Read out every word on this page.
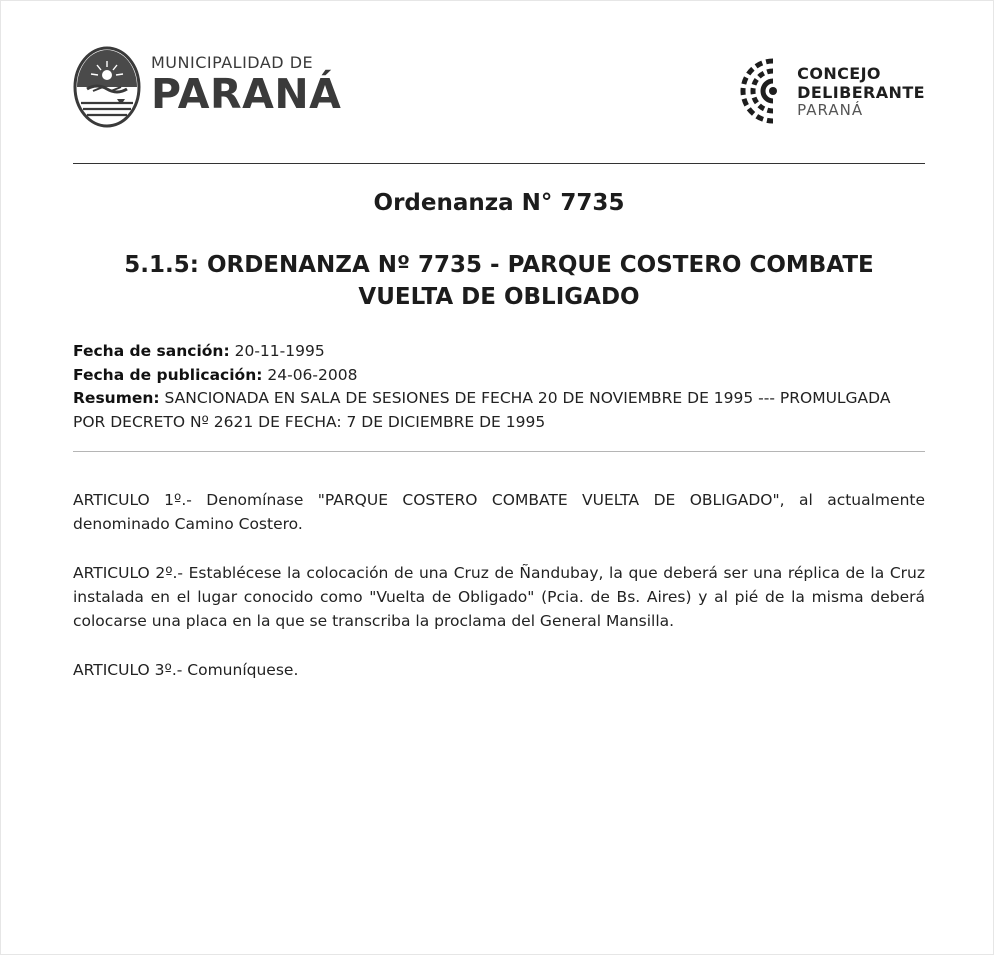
MUNICIPALIDAD DE
PARANÁ	CONCEJO
DELIBERANTE
PARANÁ
Ordenanza N° 7735
5.1.5: ORDENANZA Nº 7735 - PARQUE COSTERO COMBATE VUELTA DE OBLIGADO
Fecha de sanción: 20-11-1995
Fecha de publicación: 24-06-2008
Resumen: SANCIONADA EN SALA DE SESIONES DE FECHA 20 DE NOVIEMBRE DE 1995 --- PROMULGADA POR DECRETO Nº 2621 DE FECHA: 7 DE DICIEMBRE DE 1995

ARTICULO 1º.- Denomínase "PARQUE COSTERO COMBATE VUELTA DE OBLIGADO", al actualmente denominado Camino Costero.

ARTICULO 2º.- Establécese la colocación de una Cruz de Ñandubay, la que deberá ser una réplica de la Cruz instalada en el lugar conocido como "Vuelta de Obligado" (Pcia. de Bs. Aires) y al pié de la misma deberá colocarse una placa en la que se transcriba la proclama del General Mansilla.

ARTICULO 3º.- Comuníquese.
